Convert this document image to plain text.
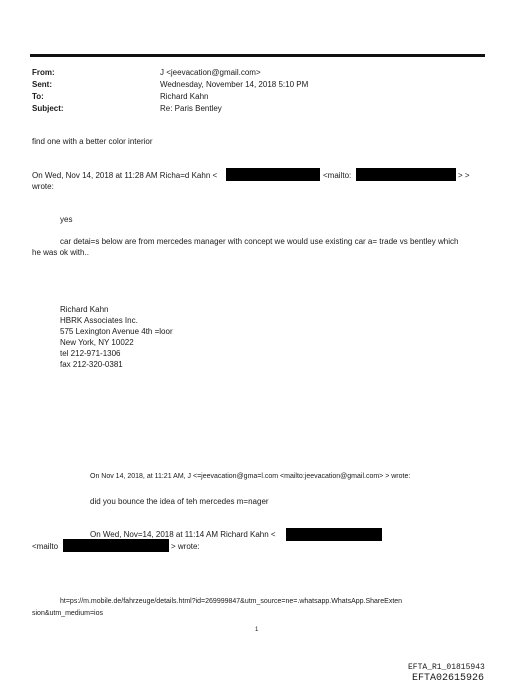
From:	J <jeevacation@gmail.com>
Sent:	Wednesday, November 14, 2018 5:10 PM
To:	Richard Kahn
Subject:	Re: Paris Bentley
find one with a better color interior
On Wed, Nov 14, 2018 at 11:28 AM Richa=d Kahn <	<mailto:	> >
wrote:
yes
car detai=s below are from mercedes manager with concept we would use existing car a= trade vs bentley which
he was ok with..
Richard Kahn
HBRK Associates Inc.
575 Lexington Avenue 4th =loor
New York, NY 10022
tel 212-971-1306
fax 212-320-0381
On Nov 14, 2018, at 11:21 AM, J <=jeevacation@gma=l.com <mailto:jeevacation@gmail.com> > wrote:
did you bounce the idea of teh mercedes m=nager
On Wed, Nov=14, 2018 at 11:14 AM Richard Kahn <
<mailto	> wrote:
ht=ps://m.mobile.de/fahrzeuge/details.html?id=269999847&utm_source=ne=.whatsapp.WhatsApp.ShareExten
sion&utm_medium=ios
1
EFTA_R1_01815943
EFTA02615926
